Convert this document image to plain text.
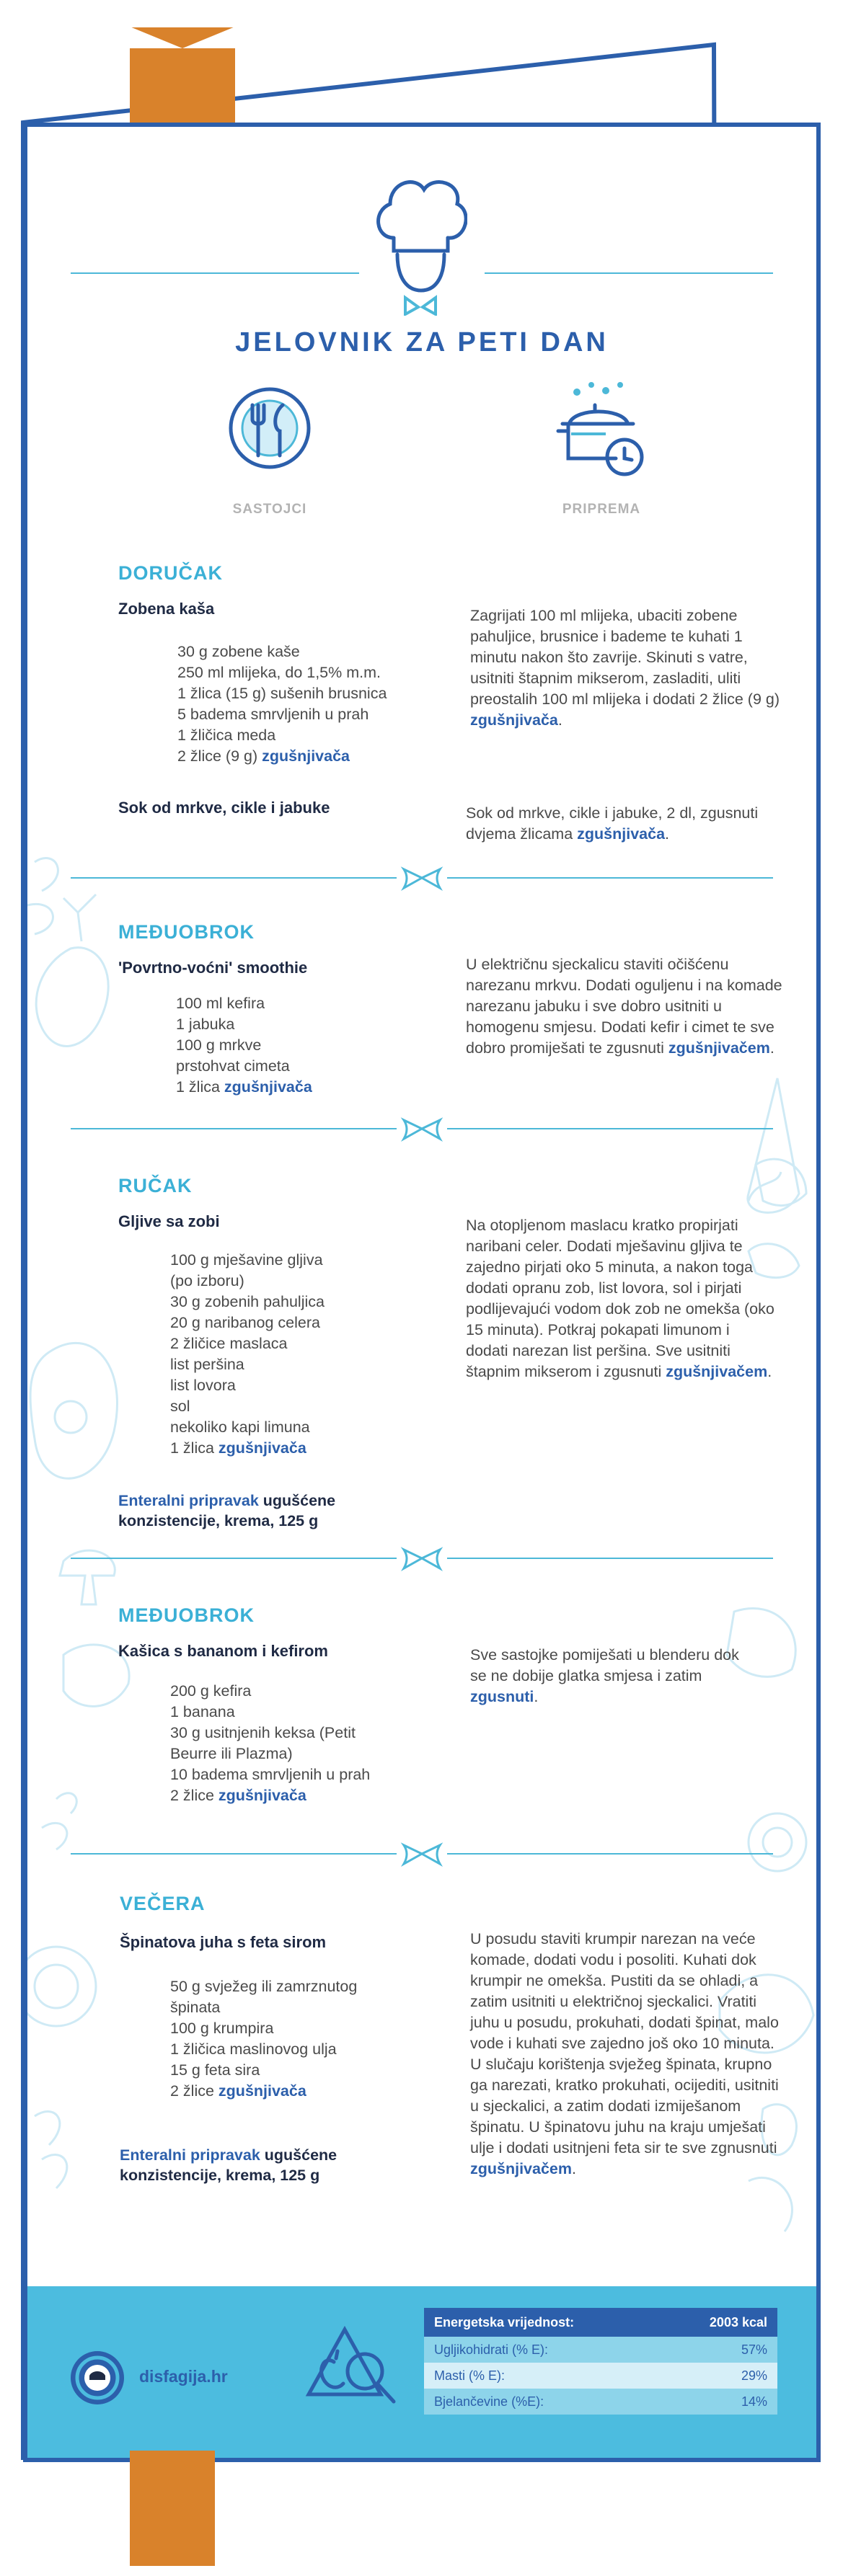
JELOVNIK ZA PETI DAN
SASTOJCI	PRIPREMA
DORUČAK
Zobena kaša
30 g zobene kaše
250 ml mlijeka, do 1,5% m.m.
1 žlica (15 g) sušenih brusnica
5 badema smrvljenih u prah
1 žličica meda
2 žlice (9 g) zgušnjivača
Zagrijati 100 ml mlijeka, ubaciti zobene pahuljice, brusnice i bademe te kuhati 1 minutu nakon što zavrije. Skinuti s vatre, usitniti štapnim mikserom, zasladiti, uliti preostalih 100 ml mlijeka i dodati 2 žlice (9 g) zgušnjivača.
Sok od mrkve, cikle i jabuke	Sok od mrkve, cikle i jabuke, 2 dl, zgusnuti dvjema žlicama zgušnjivača.
MEĐUOBROK
'Povrtno-voćni' smoothie
100 ml kefira
1 jabuka
100 g mrkve
prstohvat cimeta
1 žlica zgušnjivača
U električnu sjeckalicu staviti očišćenu narezanu mrkvu. Dodati oguljenu i na komade narezanu jabuku i sve dobro usitniti u homogenu smjesu. Dodati kefir i cimet te sve dobro promiješati te zgusnuti zgušnjivačem.
RUČAK
Gljive sa zobi
100 g mješavine gljiva
(po izboru)
30 g zobenih pahuljica
20 g naribanog celera
2 žličice maslaca
list peršina
list lovora
sol
nekoliko kapi limuna
1 žlica zgušnjivača
Na otopljenom maslacu kratko propirjati naribani celer. Dodati mješavinu gljiva te zajedno pirjati oko 5 minuta, a nakon toga dodati opranu zob, list lovora, sol i pirjati podlijevajući vodom dok zob ne omekša (oko 15 minuta). Potkraj pokapati limunom i dodati narezan list peršina. Sve usitniti štapnim mikserom i zgusnuti zgušnjivačem.
Enteralni pripravak ugušćene konzistencije, krema, 125 g
MEĐUOBROK
Kašica s bananom i kefirom
200 g kefira
1 banana
30 g usitnjenih keksa (Petit
Beurre ili Plazma)
10 badema smrvljenih u prah
2 žlice zgušnjivača
Sve sastojke pomiješati u blenderu dok se ne dobije glatka smjesa i zatim zgusnuti.
VEČERA
Špinatova juha s feta sirom
50 g svježeg ili zamrznutog
špinata
100 g krumpira
1 žličica maslinovog ulja
15 g feta sira
2 žlice zgušnjivača
U posudu staviti krumpir narezan na veće komade, dodati vodu i posoliti. Kuhati dok krumpir ne omekša. Pustiti da se ohladi, a zatim usitniti u električnoj sjeckalici. Vratiti juhu u posudu, prokuhati, dodati špinat, malo vode i kuhati sve zajedno još oko 10 minuta. U slučaju korištenja svježeg špinata, krupno ga narezati, kratko prokuhati, ocijediti, usitniti u sjeckalici, a zatim dodati izmiješanom špinatu. U špinatovu juhu na kraju umješati ulje i dodati usitnjeni feta sir te sve zgnusnuti zgušnjivačem.
Enteralni pripravak ugušćene konzistencije, krema, 125 g
disfagija.hr
Energetska vrijednost:	2003 kcal
Ugljikohidrati (% E):	57%
Masti (% E):	29%
Bjelančevine (%E):	14%
